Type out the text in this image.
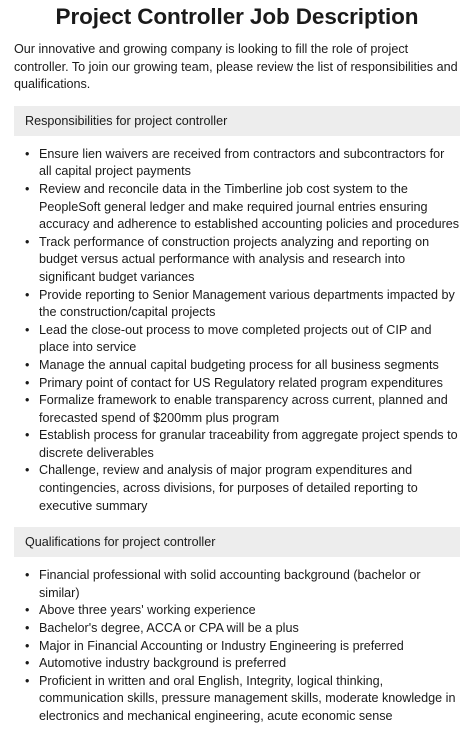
Project Controller Job Description

Our innovative and growing company is looking to fill the role of project controller. To join our growing team, please review the list of responsibilities and qualifications.

Responsibilities for project controller
• Ensure lien waivers are received from contractors and subcontractors for all capital project payments
• Review and reconcile data in the Timberline job cost system to the PeopleSoft general ledger and make required journal entries ensuring accuracy and adherence to established accounting policies and procedures
• Track performance of construction projects analyzing and reporting on budget versus actual performance with analysis and research into significant budget variances
• Provide reporting to Senior Management various departments impacted by the construction/capital projects
• Lead the close-out process to move completed projects out of CIP and place into service
• Manage the annual capital budgeting process for all business segments
• Primary point of contact for US Regulatory related program expenditures
• Formalize framework to enable transparency across current, planned and forecasted spend of $200mm plus program
• Establish process for granular traceability from aggregate project spends to discrete deliverables
• Challenge, review and analysis of major program expenditures and contingencies, across divisions, for purposes of detailed reporting to executive summary
Qualifications for project controller
• Financial professional with solid accounting background (bachelor or similar)
• Above three years' working experience
• Bachelor's degree, ACCA or CPA will be a plus
• Major in Financial Accounting or Industry Engineering is preferred
• Automotive industry background is preferred
• Proficient in written and oral English, Integrity, logical thinking, communication skills, pressure management skills, moderate knowledge in electronics and mechanical engineering, acute economic sense
